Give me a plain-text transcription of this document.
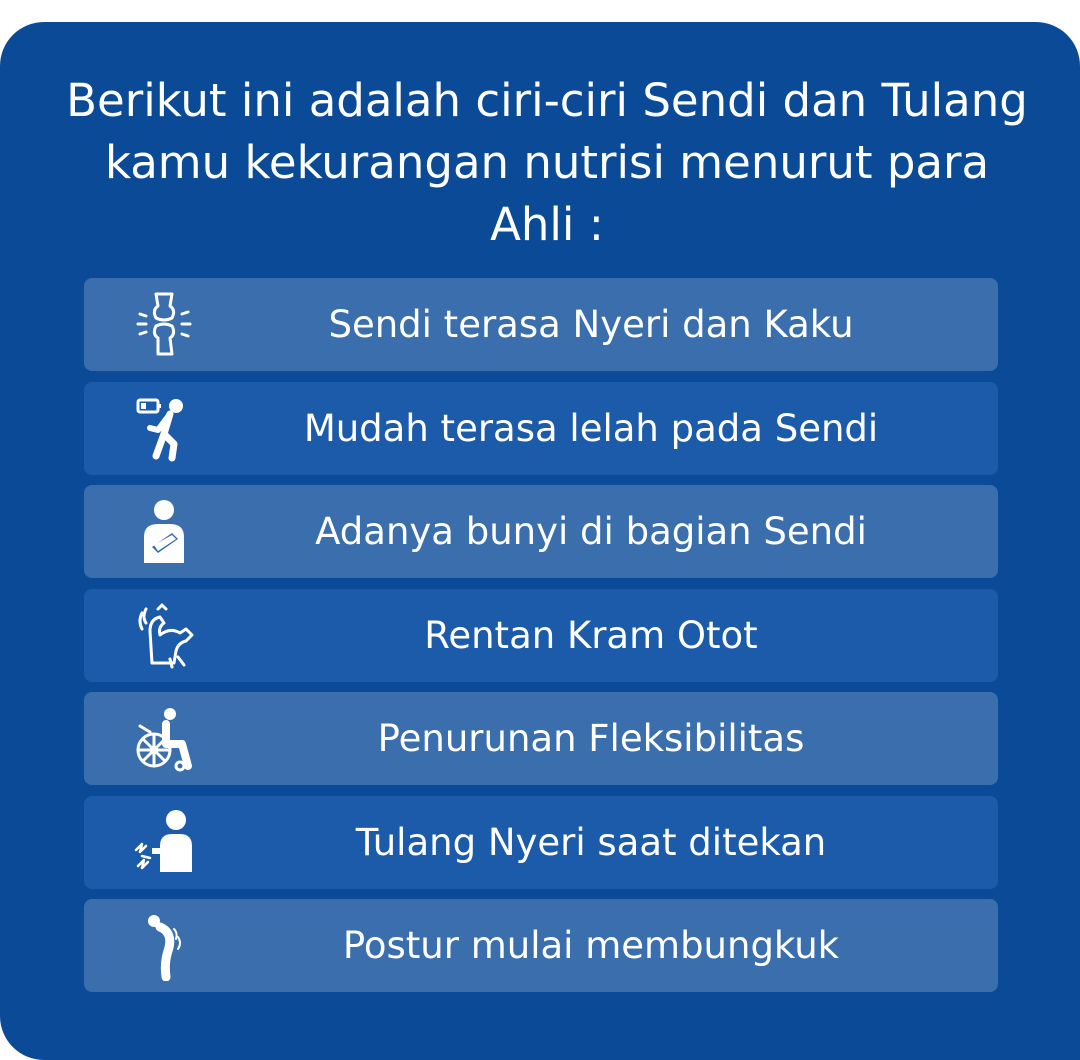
Berikut ini adalah ciri-ciri Sendi dan Tulang kamu kekurangan nutrisi menurut para Ahli :
Sendi terasa Nyeri dan Kaku
Mudah terasa lelah pada Sendi
Adanya bunyi di bagian Sendi
Rentan Kram Otot
Penurunan Fleksibilitas
Tulang Nyeri saat ditekan
Postur mulai membungkuk
